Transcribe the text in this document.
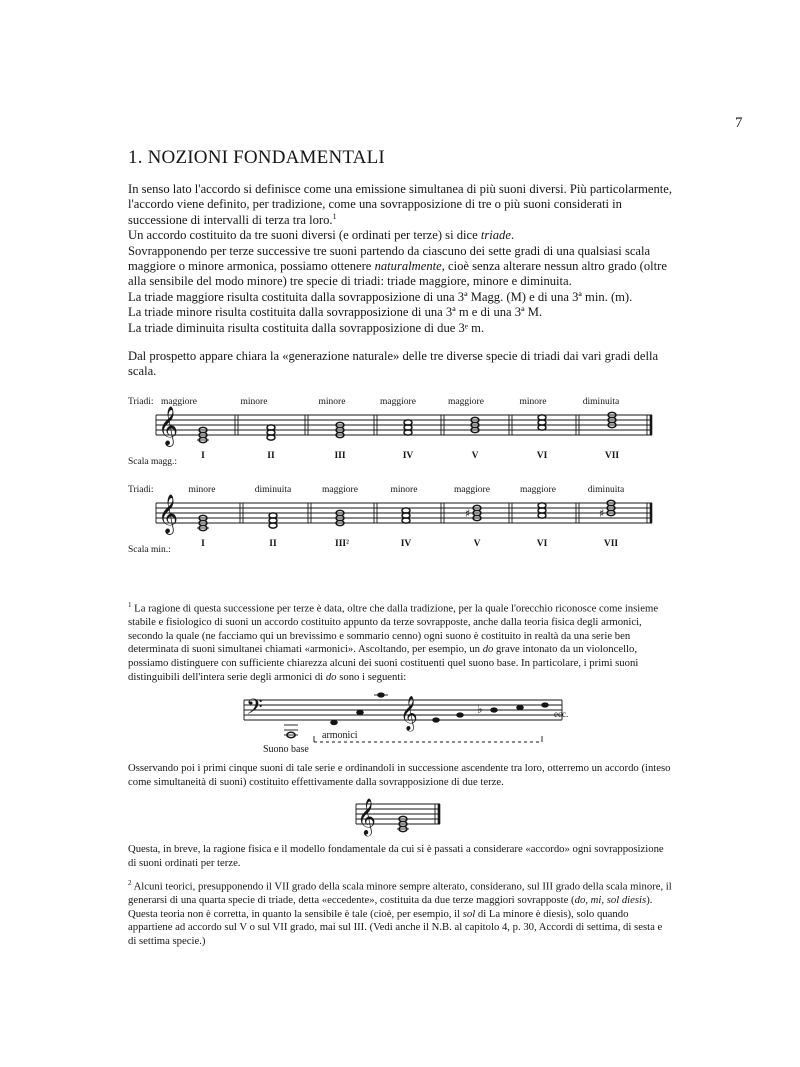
7
1. NOZIONI FONDAMENTALI

In senso lato l'accordo si definisce come una emissione simultanea di più suoni diversi. Più particolarmente, l'accordo viene definito, per tradizione, come una sovrapposizione di tre o più suoni considerati in successione di intervalli di terza tra loro.$^1$

Un accordo costituito da tre suoni diversi (e ordinati per terze) si dice triade.

Sovrapponendo per terze successive tre suoni partendo da ciascuno dei sette gradi di una qualsiasi scala maggiore o minore armonica, possiamo ottenere naturalmente, cioè senza alterare nessun altro grado (oltre alla sensibile del modo minore) tre specie di triadi: triade maggiore, minore e diminuita.

La triade maggiore risulta costituita dalla sovrapposizione di una 3ª Magg. (M) e di una 3ª min. (m).

La triade minore risulta costituita dalla sovrapposizione di una 3ª m e di una 3ª M.

La triade diminuita risulta costituita dalla sovrapposizione di due 3ᵉ m.

Dal prospetto appare chiara la «generazione naturale» delle tre diverse specie di triadi dai vari gradi della scala.

Triadi: maggiore	minore	minore	maggiore	maggiore	minore	diminuita
𝄞
Scala magg.:
I	II	III	IV	V	VI	VII
Triadi:	minore	diminuita	maggiore	minore	maggiore	maggiore	diminuita
𝄞	♯	♯
Scala min.:
I	II	III²	IV	V	VI	VII

$^1$ La ragione di questa successione per terze è data, oltre che dalla tradizione, per la quale l'orecchio riconosce come insieme stabile e fisiologico di suoni un accordo costituito appunto da terze sovrapposte, anche dalla teoria fisica degli armonici, secondo la quale (ne facciamo qui un brevissimo e sommario cenno) ogni suono è costituito in realtà da una serie ben determinata di suoni simultanei chiamati «armonici». Ascoltando, per esempio, un do grave intonato da un violoncello, possiamo distinguere con sufficiente chiarezza alcuni dei suoni costituenti quel suono base. In particolare, i primi suoni distinguibili dell'intera serie degli armonici di do sono i seguenti:

𝄢	𝄞	♭	ecc.
armonici
Suono base

Osservando poi i primi cinque suoni di tale serie e ordinandoli in successione ascendente tra loro, otterremo un accordo (inteso come simultaneità di suoni) costituito effettivamente dalla sovrapposizione di due terze.

𝄞

Questa, in breve, la ragione fisica e il modello fondamentale da cui si è passati a considerare «accordo» ogni sovrapposizione di suoni ordinati per terze.

$^2$ Alcuni teorici, presupponendo il VII grado della scala minore sempre alterato, considerano, sul III grado della scala minore, il generarsi di una quarta specie di triade, detta «eccedente», costituita da due terze maggiori sovrapposte (do, mi, sol diesis). Questa teoria non è corretta, in quanto la sensibile è tale (cioè, per esempio, il sol di La minore è diesis), solo quando appartiene ad accordo sul V o sul VII grado, mai sul III. (Vedi anche il N.B. al capitolo 4, p. 30, Accordi di settima, di sesta e di settima specie.)
